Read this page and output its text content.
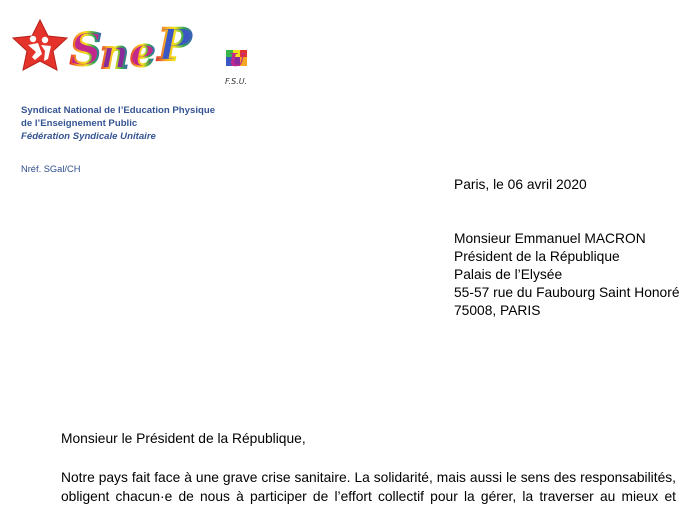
S
n e P U
F.S.U.
Syndicat National de l’Education Physique
de l’Enseignement Public
Fédération Syndicale Unitaire
Nréf. SGal/CH
Paris, le 06 avril 2020
Monsieur Emmanuel MACRON
Président de la République
Palais de l’Elysée
55-57 rue du Faubourg Saint Honoré
75008, PARIS
Monsieur le Président de la République,
Notre pays fait face à une grave crise sanitaire. La solidarité, mais aussi le sens des responsabilités,
obligent chacun·e de nous à participer de l’effort collectif pour la gérer, la traverser au mieux et
